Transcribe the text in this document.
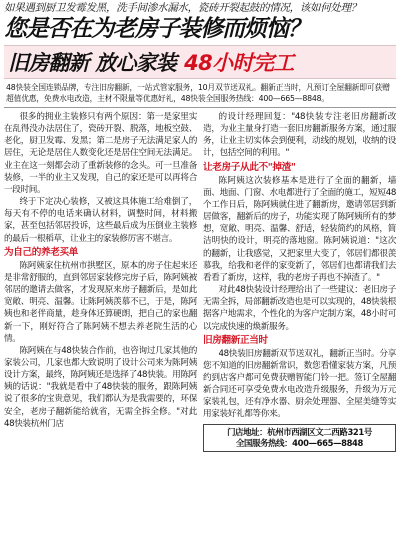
如果遇到厨卫发霉发黑，洗手间渗水漏水，瓷砖开裂起鼓的情况，该如何处理？
您是否在为老房子装修而烦恼？
旧房翻新 放心家装 48小时完工
48快装全国连锁品牌，专注旧房翻新，一站式管家服务，10月双节送双礼。翻新正当时，凡预订全屋翻新即可获赠超值优惠，免费水电改造，主材不限量等优惠好礼，48快装全国服务热线：400—665—8848。

很多的拥业主装修只有两个原因：第一是家里实在乱得没办法居住了，瓷砖开裂、脱落，地板空鼓、老化，厨卫发霉、发黑；第二是房子无法满足家人的居住，无论是居住人数变化还是居住空间无法满足。业主在这一刻都会动了重新装修的念头。可一旦准备装修，一半的业主又发现，自己的家还是可以再将合一段时间。

终于下定决心装修，又被这具体施工给难倒了，每天有不停的电话来确认材料，调整时间，材料搬家，甚至包括邻居投诉，这些最后成为压倒业主装修的最后一根稻草，让业主的家装修厉害不堪言。

为自己的养老买单

陈阿姨家住杭州市拱墅区，原本的房子住起来还是非常舒服的，直到邻居家装修完房子后，陈阿姨被邻居的邀请去做客，才发现原来房子翻新后，是如此宽敞、明亮、温馨。让陈阿姨羡慕不已，于是，陈阿姨也和老伴商量，趁身体还算硬朗，把自己的家也翻新一下，刚好符合了陈阿姨不想去养老院生活的心情。

陈阿姨在与48快装合作前，也咨询过几家其他的家装公司，几家也都大致说明了设计公司来为陈阿姨设计方案，最终，陈阿姨还是选择了48快装。用陈阿姨的话说："我就是看中了48快装的服务，跟陈阿姨说了很多的宝贵意见，我们都认为是我需要的，环保安全，老房子翻新能给就省，无需全拆全修。"对此48快装杭州门店

的设计经理回复："48快装专注老旧房翻新改造，为业主量身打造一套旧房翻新服务方案，通过服务，让业主切实体会到便利，动线的规划，收纳的设计，包括空间的利用。"

让老房子从此不"掉渣"

陈阿姨这次装修基本是进行了全面的翻新，墙面、地面、门窗、水电都进行了全面的施工，短短48个工作日后，陈阿姨就住进了翻新房，邀请邻居到新居做客，翻新后的房子，功能实现了陈阿姨所有的梦想，宽敞、明亮、温馨、舒适，轻装简约的风格，简洁明快的设计，明亮的落地窗。陈阿姨说道："这次的翻新，让我感觉，又把家里大变了，邻居们都很羡慕我，给我和老伴的家变新了，邻居们也都请我们去看看了新房，这样，我的老房子再也不掉渣了。"

对此48快装设计经理给出了一些建议：老旧房子无需全拆，局部翻新改造也是可以实现的，48快装根据客户地需求，个性化的为客户定制方案，48小时可以完成快速的焕新服务。

旧房翻新正当时

48快装旧房翻新双节送双礼，翻新正当时。分享您不知道的旧房翻新常识，数您看懂家装方案，凡预约到店客户都可免费获赠智能门铃一把。签订全屋翻新合同还可享受免费水电改造升级服务，升级为万元家装礼包，还有净水器、厨余处理器、全屋美缝等实用家装好礼都等你来。

门店地址：杭州市西湖区文二西路321号
全国服务热线：400—665—8848
